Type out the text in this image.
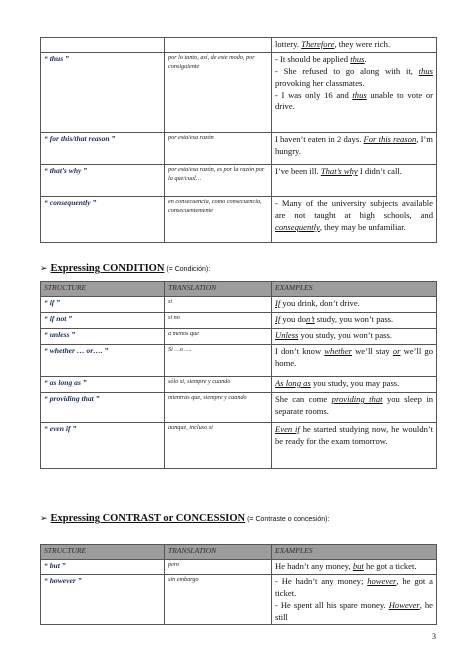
		lottery. Therefore, they were rich.

“ thus ”	por lo tanto, así, de este modo, por consiguiente	- It should be applied thus.

- She refused to go along with it, thus provoking her classmates.

- I was only 16 and thus unable to vote or drive.

“ for this/that reason ”	por esta/esa razón	I haven’t eaten in 2 days. For this reason, I’m hungry.

“ that’s why ”	por esta/esa razón, es por la razón por la que/cual…	I’ve been ill. That’s why I didn’t call.

“ consequently ”	en consecuencia, como consecuencia, consecuentemente	- Many of the university subjects available are not taught at high schools, and consequently, they may be unfamiliar.

➢ Expressing CONDITION (= Condición):
STRUCTURE	TRANSLATION	EXAMPLES
“ if ”	si	If you drink, don’t drive.

“ if not ”	si no	If you don’t study, you won’t pass.

“ unless ”	a menos que	Unless you study, you won’t pass.

“ whether … or…. ”	Si …o ….	I don’t know whether we’ll stay or we’ll go home.

“ as long as ”	sólo si, siempre y cuando	As long as you study, you may pass.

“ providing that ”	mientras que, siempre y cuando	She can come providing that you sleep in separate rooms.

“ even if ”	aunque, incluso si	Even if he started studying now, he wouldn’t be ready for the exam tomorrow.

➢ Expressing CONTRAST or CONCESSION (= Contraste o concesión):
STRUCTURE	TRANSLATION	EXAMPLES
“ but ”	pero	He hadn’t any money, but he got a ticket.

“ however ”	sin embargo	- He hadn’t any money; however, he got a ticket.

- He spent all his spare money. However, he still

3
